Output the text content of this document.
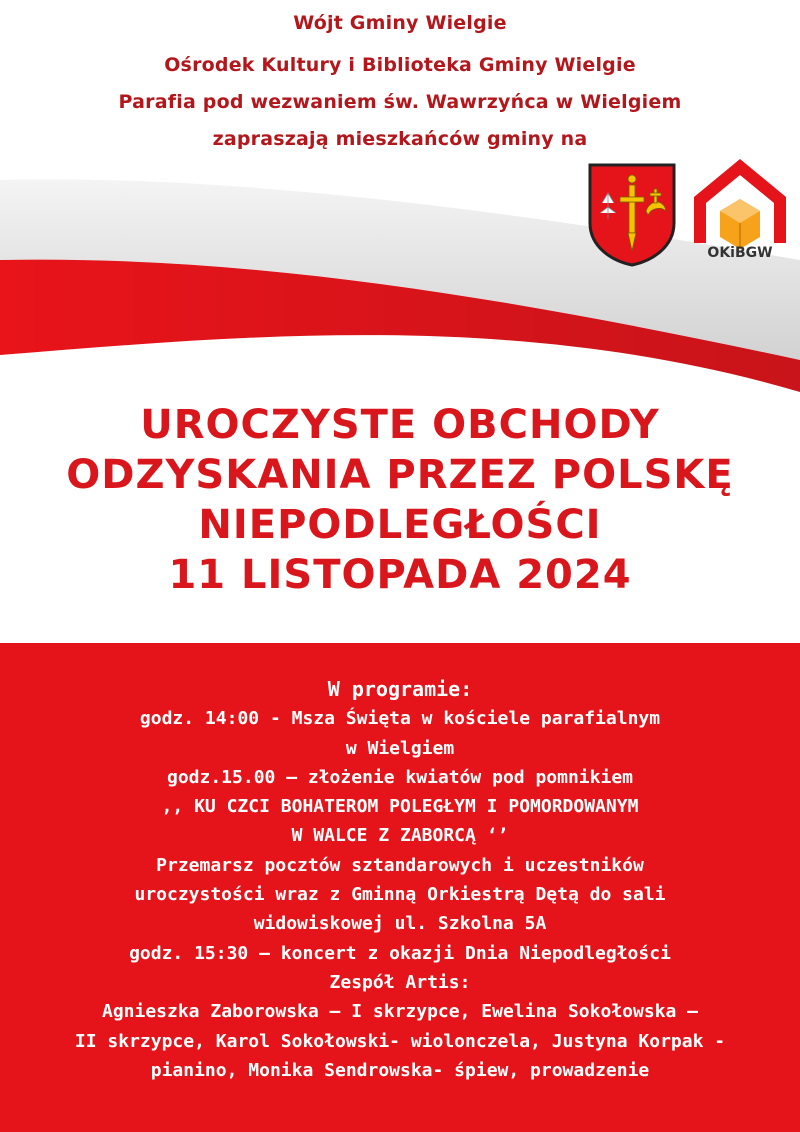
Wójt Gminy Wielgie
Ośrodek Kultury i Biblioteka Gminy Wielgie
Parafia pod wezwaniem św. Wawrzyńca w Wielgiem
zapraszają mieszkańców gminy na
OKiBGW
UROCZYSTE OBCHODY
ODZYSKANIA PRZEZ POLSKĘ
NIEPODLEGŁOŚCI
11 LISTOPADA 2024
W programie:
godz. 14:00 - Msza Święta w kościele parafialnym
w Wielgiem
godz.15.00 – złożenie kwiatów pod pomnikiem
,, KU CZCI BOHATEROM POLEGŁYM I POMORDOWANYM
W WALCE Z ZABORCĄ ‘’
Przemarsz pocztów sztandarowych i uczestników
uroczystości wraz z Gminną Orkiestrą Dętą do sali
widowiskowej ul. Szkolna 5A
godz. 15:30 – koncert z okazji Dnia Niepodległości
Zespół Artis:
Agnieszka Zaborowska – I skrzypce, Ewelina Sokołowska –
II skrzypce, Karol Sokołowski- wiolonczela, Justyna Korpak -
pianino, Monika Sendrowska- śpiew, prowadzenie
